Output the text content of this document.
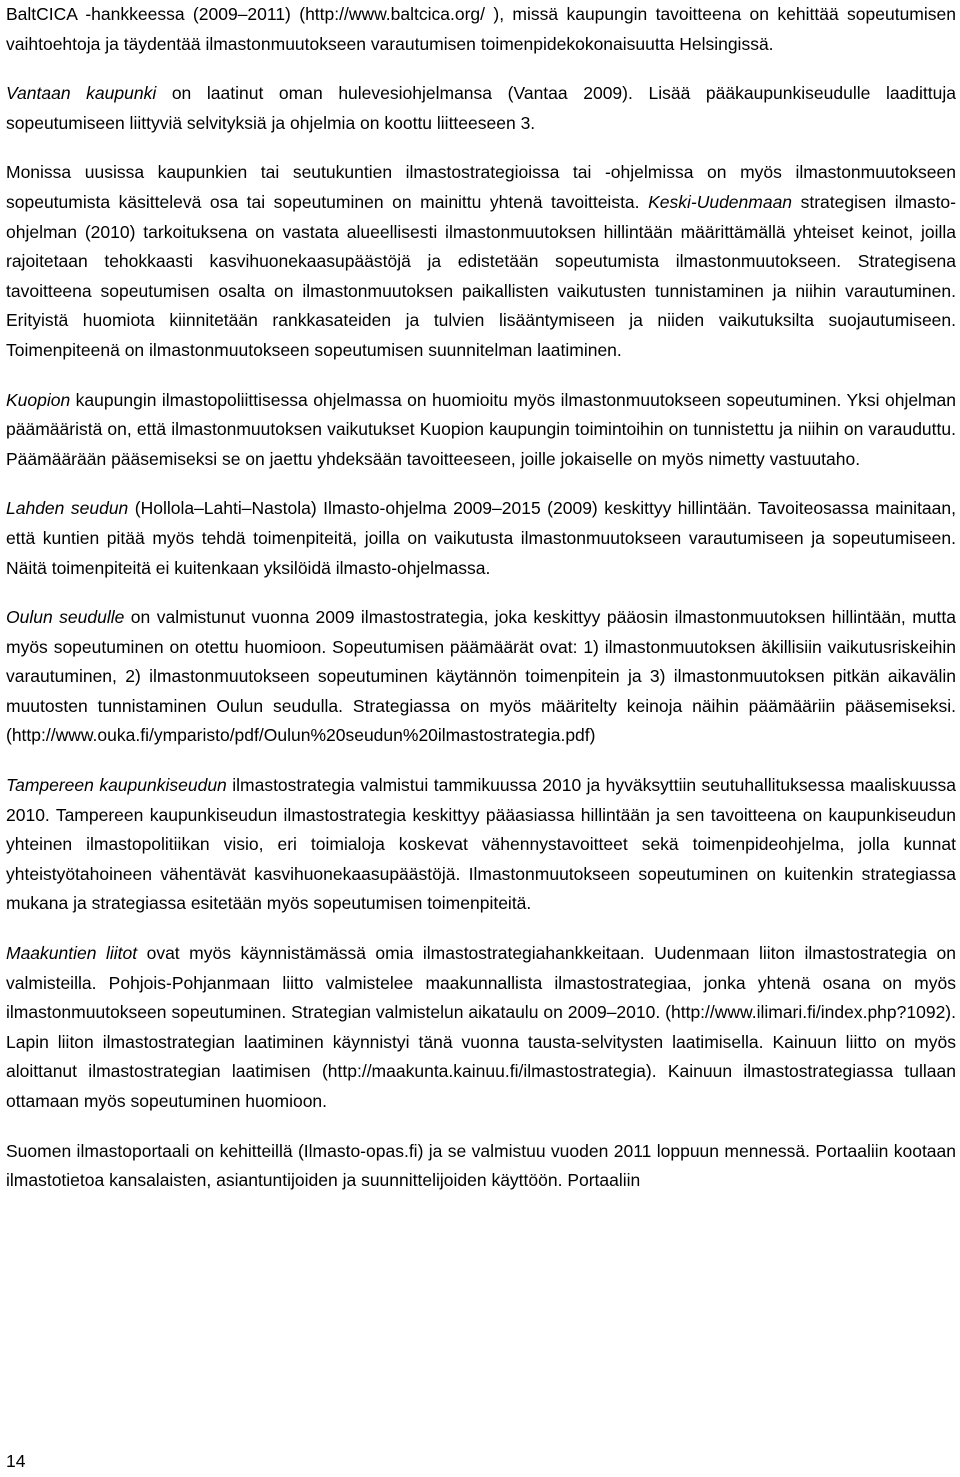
BaltCICA -hankkeessa (2009–2011) (http://www.baltcica.org/ ), missä kaupungin tavoitteena on kehittää sopeutumisen vaihtoehtoja ja täydentää ilmastonmuutokseen varautumisen toimenpidekokonaisuutta Helsingissä.

Vantaan kaupunki on laatinut oman hulevesiohjelmansa (Vantaa 2009). Lisää pääkaupunkiseudulle laadittuja sopeutumiseen liittyviä selvityksiä ja ohjelmia on koottu liitteeseen 3.

Monissa uusissa kaupunkien tai seutukuntien ilmastostrategioissa tai -ohjelmissa on myös ilmastonmuutokseen sopeutumista käsittelevä osa tai sopeutuminen on mainittu yhtenä tavoitteista. Keski-Uudenmaan strategisen ilmasto-ohjelman (2010) tarkoituksena on vastata alueellisesti ilmastonmuutoksen hillintään määrittämällä yhteiset keinot, joilla rajoitetaan tehokkaasti kasvihuonekaasupäästöjä ja edistetään sopeutumista ilmastonmuutokseen. Strategisena tavoitteena sopeutumisen osalta on ilmastonmuutoksen paikallisten vaikutusten tunnistaminen ja niihin varautuminen. Erityistä huomiota kiinnitetään rankkasateiden ja tulvien lisääntymiseen ja niiden vaikutuksilta suojautumiseen. Toimenpiteenä on ilmastonmuutokseen sopeutumisen suunnitelman laatiminen.

Kuopion kaupungin ilmastopoliittisessa ohjelmassa on huomioitu myös ilmastonmuutokseen sopeutuminen. Yksi ohjelman päämääristä on, että ilmastonmuutoksen vaikutukset Kuopion kaupungin toimintoihin on tunnistettu ja niihin on varauduttu. Päämäärään pääsemiseksi se on jaettu yhdeksään tavoitteeseen, joille jokaiselle on myös nimetty vastuutaho.

Lahden seudun (Hollola–Lahti–Nastola) Ilmasto-ohjelma 2009–2015 (2009) keskittyy hillintään. Tavoiteosassa mainitaan, että kuntien pitää myös tehdä toimenpiteitä, joilla on vaikutusta ilmastonmuutokseen varautumiseen ja sopeutumiseen. Näitä toimenpiteitä ei kuitenkaan yksilöidä ilmasto-ohjelmassa.

Oulun seudulle on valmistunut vuonna 2009 ilmastostrategia, joka keskittyy pääosin ilmastonmuutoksen hillintään, mutta myös sopeutuminen on otettu huomioon. Sopeutumisen päämäärät ovat: 1) ilmastonmuutoksen äkillisiin vaikutusriskeihin varautuminen, 2) ilmastonmuutokseen sopeutuminen käytännön toimenpitein ja 3) ilmastonmuutoksen pitkän aikavälin muutosten tunnistaminen Oulun seudulla. Strategiassa on myös määritelty keinoja näihin päämääriin pääsemiseksi. (http://www.ouka.fi/ymparisto/pdf/Oulun%20seudun%20ilmastostrategia.pdf)

Tampereen kaupunkiseudun ilmastostrategia valmistui tammikuussa 2010 ja hyväksyttiin seutuhallituksessa maaliskuussa 2010. Tampereen kaupunkiseudun ilmastostrategia keskittyy pääasiassa hillintään ja sen tavoitteena on kaupunkiseudun yhteinen ilmastopolitiikan visio, eri toimialoja koskevat vähennystavoitteet sekä toimenpideohjelma, jolla kunnat yhteistyötahoineen vähentävät kasvihuonekaasupäästöjä. Ilmastonmuutokseen sopeutuminen on kuitenkin strategiassa mukana ja strategiassa esitetään myös sopeutumisen toimenpiteitä.

Maakuntien liitot ovat myös käynnistämässä omia ilmastostrategiahankkeitaan. Uudenmaan liiton ilmastostrategia on valmisteilla. Pohjois-Pohjanmaan liitto valmistelee maakunnallista ilmastostrategiaa, jonka yhtenä osana on myös ilmastonmuutokseen sopeutuminen. Strategian valmistelun aikataulu on 2009–2010. (http://www.ilimari.fi/index.php?1092). Lapin liiton ilmastostrategian laatiminen käynnistyi tänä vuonna tausta-selvitysten laatimisella. Kainuun liitto on myös aloittanut ilmastostrategian laatimisen (http://maakunta.kainuu.fi/ilmastostrategia). Kainuun ilmastostrategiassa tullaan ottamaan myös sopeutuminen huomioon.

Suomen ilmastoportaali on kehitteillä (Ilmasto-opas.fi) ja se valmistuu vuoden 2011 loppuun mennessä. Portaaliin kootaan ilmastotietoa kansalaisten, asiantuntijoiden ja suunnittelijoiden käyttöön. Portaaliin

14
